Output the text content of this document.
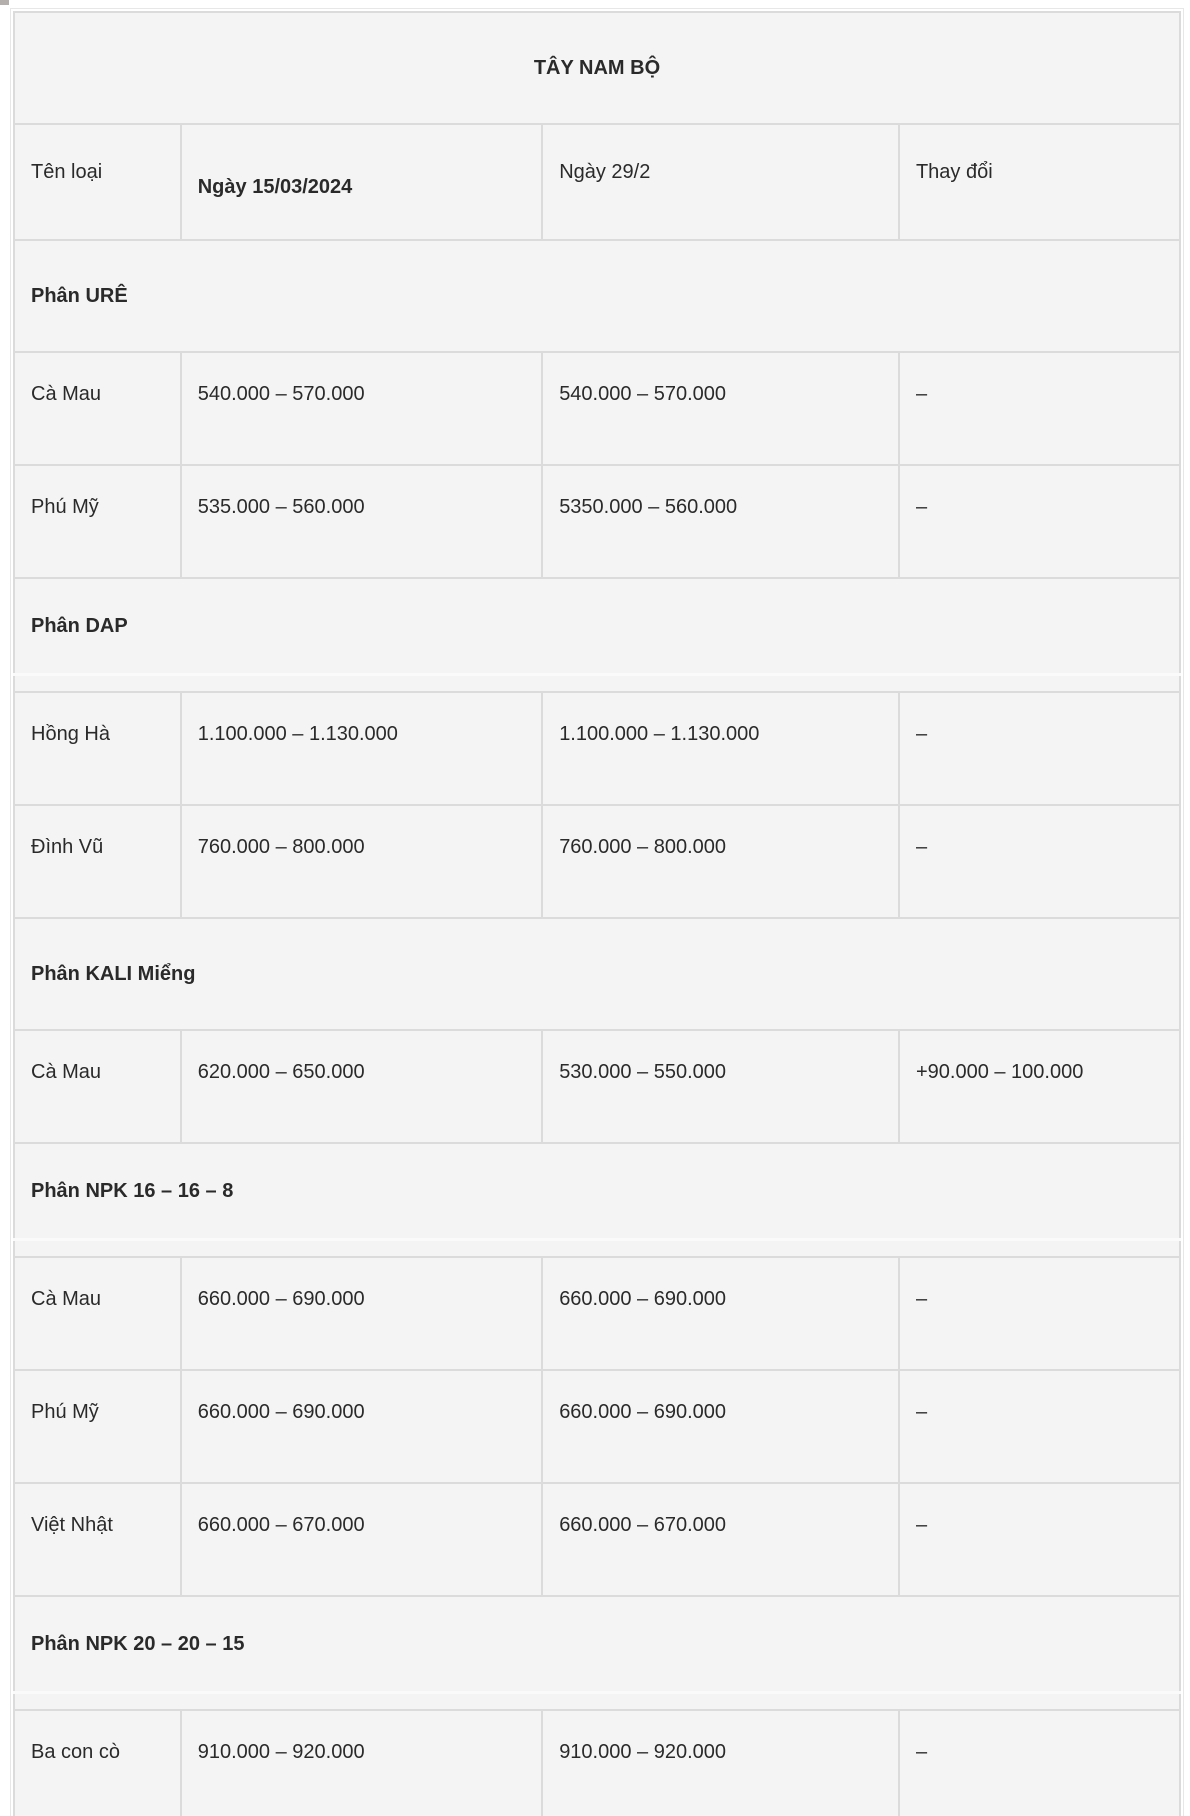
TÂY NAM BỘ			
Tên loại	Ngày 15/03/2024	Ngày 29/2	Thay đổi
Phân URÊ			
Cà Mau	540.000 – 570.000	540.000 – 570.000	–
Phú Mỹ	535.000 – 560.000	5350.000 – 560.000	–
Phân DAP			

Hồng Hà	1.100.000 – 1.130.000	1.100.000 – 1.130.000	–
Đình Vũ	760.000 – 800.000	760.000 – 800.000	–
Phân KALI Miểng			
Cà Mau	620.000 – 650.000	530.000 – 550.000	+90.000 – 100.000
Phân NPK 16 – 16 – 8			

Cà Mau	660.000 – 690.000	660.000 – 690.000	–
Phú Mỹ	660.000 – 690.000	660.000 – 690.000	–
Việt Nhật	660.000 – 670.000	660.000 – 670.000	–
Phân NPK 20 – 20 – 15			

Ba con cò	910.000 – 920.000	910.000 – 920.000	–
